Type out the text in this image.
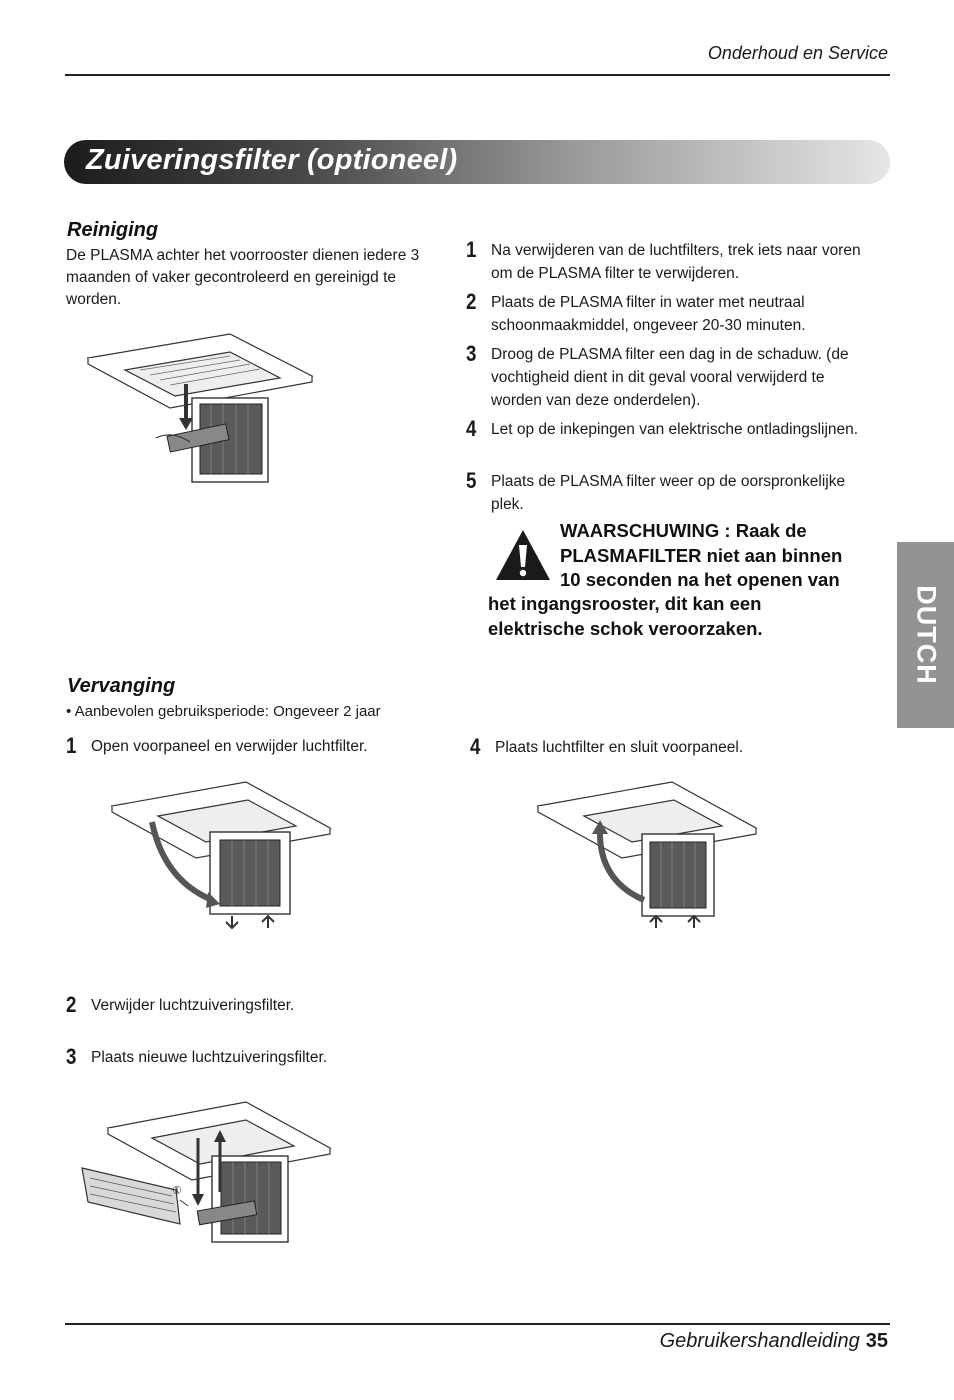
Onderhoud en Service
Zuiveringsfilter (optioneel)
DUTCH
Reiniging
De PLASMA achter het voorrooster dienen iedere 3
maanden of vaker gecontroleerd en gereinigd te
worden.
1 Na verwijderen van de luchtfilters, trek iets naar voren
om de PLASMA filter te verwijderen.
2 Plaats de PLASMA filter in water met neutraal
schoonmaakmiddel, ongeveer 20-30 minuten.
3 Droog de PLASMA filter een dag in de schaduw. (de
vochtigheid dient in dit geval vooral verwijderd te
worden van deze onderdelen).
4 Let op de inkepingen van elektrische ontladingslijnen.
5 Plaats de PLASMA filter weer op de oorspronkelijke
plek.
WAARSCHUWING : Raak de
PLASMAFILTER niet aan binnen
10 seconden na het openen van
het ingangsrooster, dit kan een
elektrische schok veroorzaken.
Vervanging
• Aanbevolen gebruiksperiode: Ongeveer 2 jaar
1 Open voorpaneel en verwijder luchtfilter.	4 Plaats luchtfilter en sluit voorpaneel.
2 Verwijder luchtzuiveringsfilter.
3 Plaats nieuwe luchtzuiveringsfilter.
①
Gebruikershandleiding 35
